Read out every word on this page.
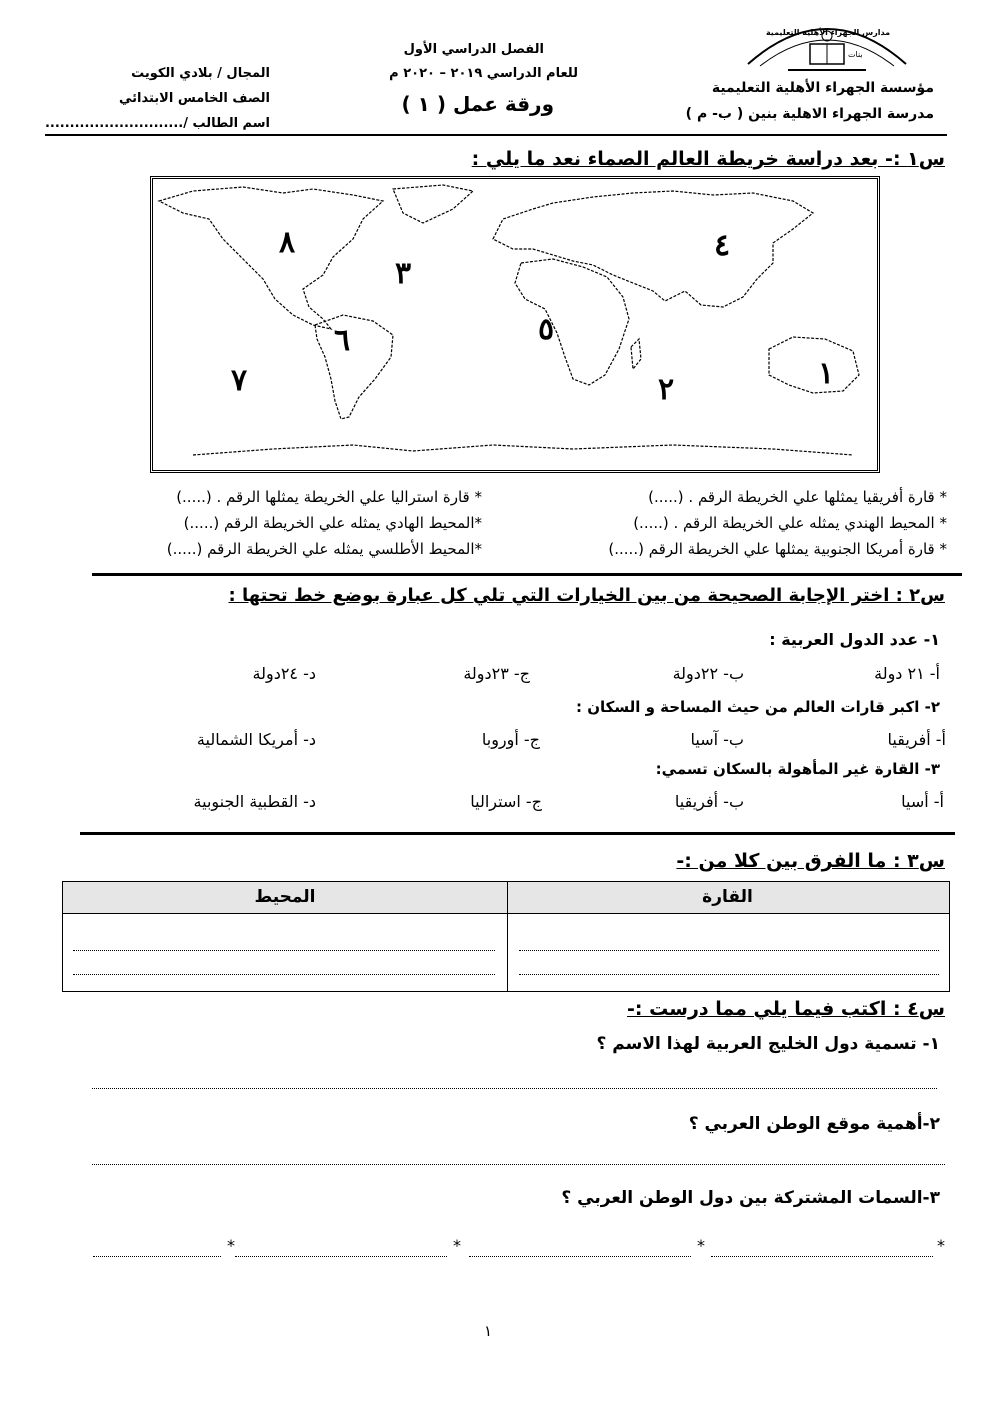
مدارس الجهراء الأهلية التعليمية
بنات
مؤسسة الجهراء الأهلية التعليمية
مدرسة الجهراء الاهلية بنين ( ب- م )
الفصل الدراسي الأول
للعام الدراسي ٢٠١٩ – ٢٠٢٠ م
ورقة عمل ( ١ )
المجال / بلادي الكويت
الصف الخامس الابتدائي
اسم الطالب /............................
س١ :- بعد دراسة خريطة العالم الصماء نعد ما يلي :
١
٢
٣
٤
٥
٦
٧
٨
* قارة أفريقيا يمثلها علي الخريطة الرقم . (.....)
* المحيط الهندي يمثله علي الخريطة الرقم . (.....)
* قارة أمريكا الجنوبية يمثلها علي الخريطة الرقم (.....)
* قارة استراليا علي الخريطة يمثلها الرقم . (.....)
*المحيط الهادي يمثله علي الخريطة الرقم (.....)
*المحيط الأطلسي يمثله علي الخريطة الرقم (.....)
س٢ : اختر الإجابة الصحيحة من بين الخيارات التي تلي كل عبارة بوضع خط تحتها :
١- عدد الدول العربية :
أ- ٢١ دولة
ب- ٢٢دولة
ج- ٢٣دولة
د- ٢٤دولة
٢- اكبر قارات العالم من حيث المساحة و السكان :
أ- أفريقيا
ب- آسيا
ج- أوروبا
د- أمريكا الشمالية
٣- القارة غير المأهولة بالسكان تسمي:
أ- أسيا
ب- أفريقيا
ج- استراليا
د- القطبية الجنوبية
س٣ : ما الفرق بين كلا من :-
القارة
المحيط
س٤ : اكتب فيما يلي مما درست :-
١- تسمية دول الخليج العربية لهذا الاسم ؟
٢-أهمية موقع الوطن العربي ؟
٣-السمات المشتركة بين دول الوطن العربي ؟
*
*
*
*
١
